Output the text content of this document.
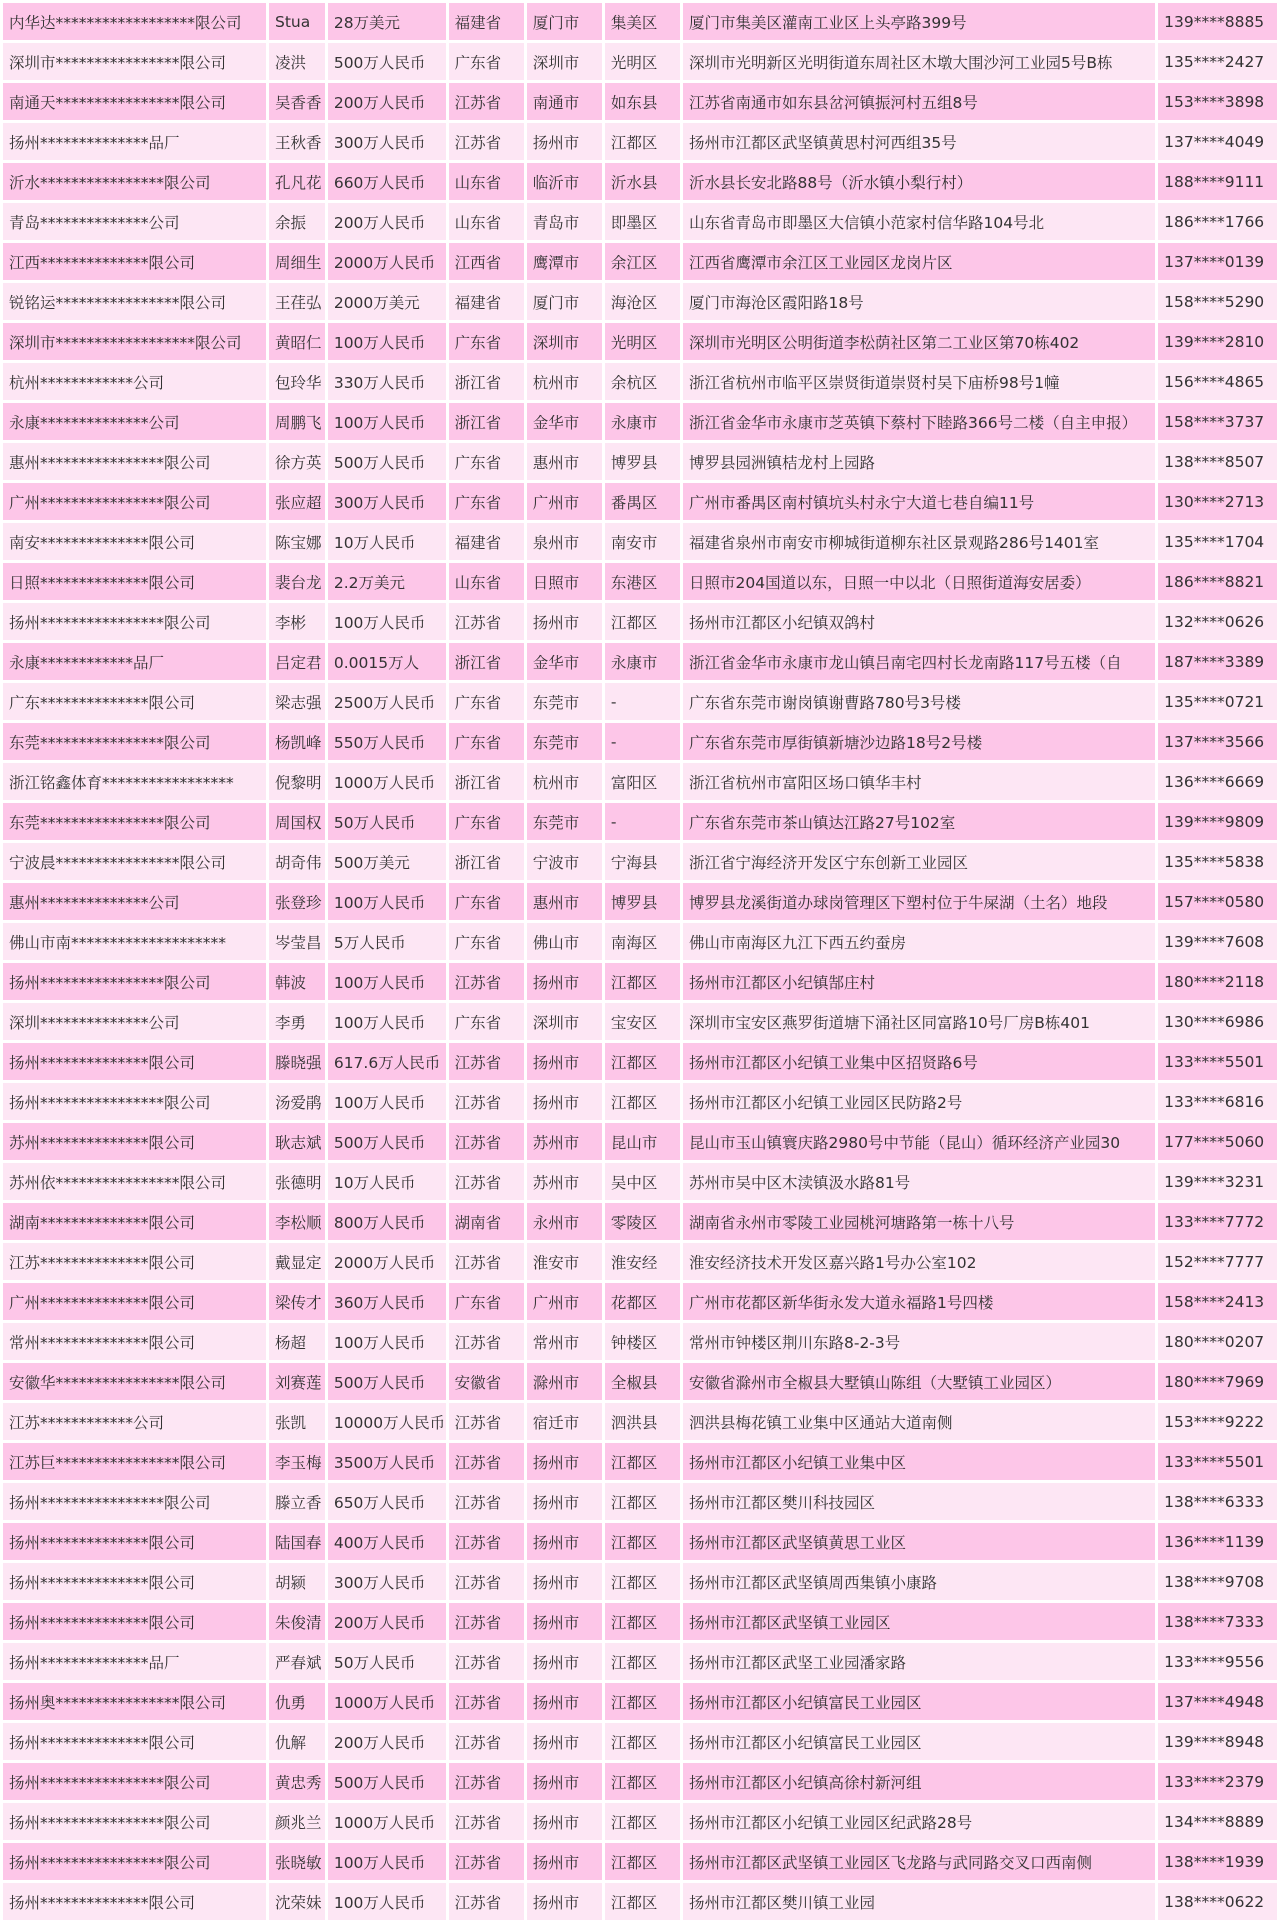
内华达******************限公司	Stua	28万美元	福建省	厦门市	集美区	厦门市集美区灌南工业区上头亭路399号	139****8885
深圳市****************限公司	凌洪	500万人民币	广东省	深圳市	光明区	深圳市光明新区光明街道东周社区木墩大围沙河工业园5号B栋	135****2427
南通天****************限公司	吴香香	200万人民币	江苏省	南通市	如东县	江苏省南通市如东县岔河镇振河村五组8号	153****3898
扬州**************品厂	王秋香	300万人民币	江苏省	扬州市	江都区	扬州市江都区武坚镇黄思村河西组35号	137****4049
沂水****************限公司	孔凡花	660万人民币	山东省	临沂市	沂水县	沂水县长安北路88号（沂水镇小梨行村）	188****9111
青岛**************公司	余振	200万人民币	山东省	青岛市	即墨区	山东省青岛市即墨区大信镇小范家村信华路104号北	186****1766
江西**************限公司	周细生	2000万人民币	江西省	鹰潭市	余江区	江西省鹰潭市余江区工业园区龙岗片区	137****0139
锐铭运****************限公司	王荏弘	2000万美元	福建省	厦门市	海沧区	厦门市海沧区霞阳路18号	158****5290
深圳市******************限公司	黄昭仁	100万人民币	广东省	深圳市	光明区	深圳市光明区公明街道李松荫社区第二工业区第70栋402	139****2810
杭州************公司	包玲华	330万人民币	浙江省	杭州市	余杭区	浙江省杭州市临平区崇贤街道崇贤村吴下庙桥98号1幢	156****4865
永康**************公司	周鹏飞	100万人民币	浙江省	金华市	永康市	浙江省金华市永康市芝英镇下蔡村下睦路366号二楼（自主申报）	158****3737
惠州****************限公司	徐方英	500万人民币	广东省	惠州市	博罗县	博罗县园洲镇桔龙村上园路	138****8507
广州****************限公司	张应超	300万人民币	广东省	广州市	番禺区	广州市番禺区南村镇坑头村永宁大道七巷自编11号	130****2713
南安**************限公司	陈宝娜	10万人民币	福建省	泉州市	南安市	福建省泉州市南安市柳城街道柳东社区景观路286号1401室	135****1704
日照**************限公司	裴台龙	2.2万美元	山东省	日照市	东港区	日照市204国道以东，日照一中以北（日照街道海安居委）	186****8821
扬州****************限公司	李彬	100万人民币	江苏省	扬州市	江都区	扬州市江都区小纪镇双鸽村	132****0626
永康************品厂	吕定君	0.0015万人	浙江省	金华市	永康市	浙江省金华市永康市龙山镇吕南宅四村长龙南路117号五楼（自	187****3389
广东**************限公司	梁志强	2500万人民币	广东省	东莞市	-	广东省东莞市谢岗镇谢曹路780号3号楼	135****0721
东莞****************限公司	杨凯峰	550万人民币	广东省	东莞市	-	广东省东莞市厚街镇新塘沙边路18号2号楼	137****3566
浙江铭鑫体育*****************	倪黎明	1000万人民币	浙江省	杭州市	富阳区	浙江省杭州市富阳区场口镇华丰村	136****6669
东莞****************限公司	周国权	50万人民币	广东省	东莞市	-	广东省东莞市茶山镇达江路27号102室	139****9809
宁波晨****************限公司	胡奇伟	500万美元	浙江省	宁波市	宁海县	浙江省宁海经济开发区宁东创新工业园区	135****5838
惠州**************公司	张登珍	100万人民币	广东省	惠州市	博罗县	博罗县龙溪街道办球岗管理区下塑村位于牛屎湖（土名）地段	157****0580
佛山市南********************	岑莹昌	5万人民币	广东省	佛山市	南海区	佛山市南海区九江下西五约蚕房	139****7608
扬州****************限公司	韩波	100万人民币	江苏省	扬州市	江都区	扬州市江都区小纪镇郜庄村	180****2118
深圳**************公司	李勇	100万人民币	广东省	深圳市	宝安区	深圳市宝安区燕罗街道塘下涌社区同富路10号厂房B栋401	130****6986
扬州**************限公司	滕晓强	617.6万人民币	江苏省	扬州市	江都区	扬州市江都区小纪镇工业集中区招贤路6号	133****5501
扬州****************限公司	汤爱鹃	100万人民币	江苏省	扬州市	江都区	扬州市江都区小纪镇工业园区民防路2号	133****6816
苏州**************限公司	耿志斌	500万人民币	江苏省	苏州市	昆山市	昆山市玉山镇寰庆路2980号中节能（昆山）循环经济产业园30	177****5060
苏州依****************限公司	张德明	10万人民币	江苏省	苏州市	吴中区	苏州市吴中区木渎镇汲水路81号	139****3231
湖南**************限公司	李松顺	800万人民币	湖南省	永州市	零陵区	湖南省永州市零陵工业园桃河塘路第一栋十八号	133****7772
江苏**************限公司	戴显定	2000万人民币	江苏省	淮安市	淮安经	淮安经济技术开发区嘉兴路1号办公室102	152****7777
广州**************限公司	梁传才	360万人民币	广东省	广州市	花都区	广州市花都区新华街永发大道永福路1号四楼	158****2413
常州**************限公司	杨超	100万人民币	江苏省	常州市	钟楼区	常州市钟楼区荆川东路8-2-3号	180****0207
安徽华****************限公司	刘赛莲	500万人民币	安徽省	滁州市	全椒县	安徽省滁州市全椒县大墅镇山陈组（大墅镇工业园区）	180****7969
江苏************公司	张凯	10000万人民币	江苏省	宿迁市	泗洪县	泗洪县梅花镇工业集中区通站大道南侧	153****9222
江苏巨****************限公司	李玉梅	3500万人民币	江苏省	扬州市	江都区	扬州市江都区小纪镇工业集中区	133****5501
扬州****************限公司	滕立香	650万人民币	江苏省	扬州市	江都区	扬州市江都区樊川科技园区	138****6333
扬州**************限公司	陆国春	400万人民币	江苏省	扬州市	江都区	扬州市江都区武坚镇黄思工业区	136****1139
扬州**************限公司	胡颍	300万人民币	江苏省	扬州市	江都区	扬州市江都区武坚镇周西集镇小康路	138****9708
扬州**************限公司	朱俊清	200万人民币	江苏省	扬州市	江都区	扬州市江都区武坚镇工业园区	138****7333
扬州**************品厂	严春斌	50万人民币	江苏省	扬州市	江都区	扬州市江都区武坚工业园潘家路	133****9556
扬州奥****************限公司	仇勇	1000万人民币	江苏省	扬州市	江都区	扬州市江都区小纪镇富民工业园区	137****4948
扬州**************限公司	仇解	200万人民币	江苏省	扬州市	江都区	扬州市江都区小纪镇富民工业园区	139****8948
扬州****************限公司	黄忠秀	500万人民币	江苏省	扬州市	江都区	扬州市江都区小纪镇高徐村新河组	133****2379
扬州****************限公司	颜兆兰	1000万人民币	江苏省	扬州市	江都区	扬州市江都区小纪镇工业园区纪武路28号	134****8889
扬州****************限公司	张晓敏	100万人民币	江苏省	扬州市	江都区	扬州市江都区武坚镇工业园区飞龙路与武同路交叉口西南侧	138****1939
扬州**************限公司	沈荣妹	100万人民币	江苏省	扬州市	江都区	扬州市江都区樊川镇工业园	138****0622
